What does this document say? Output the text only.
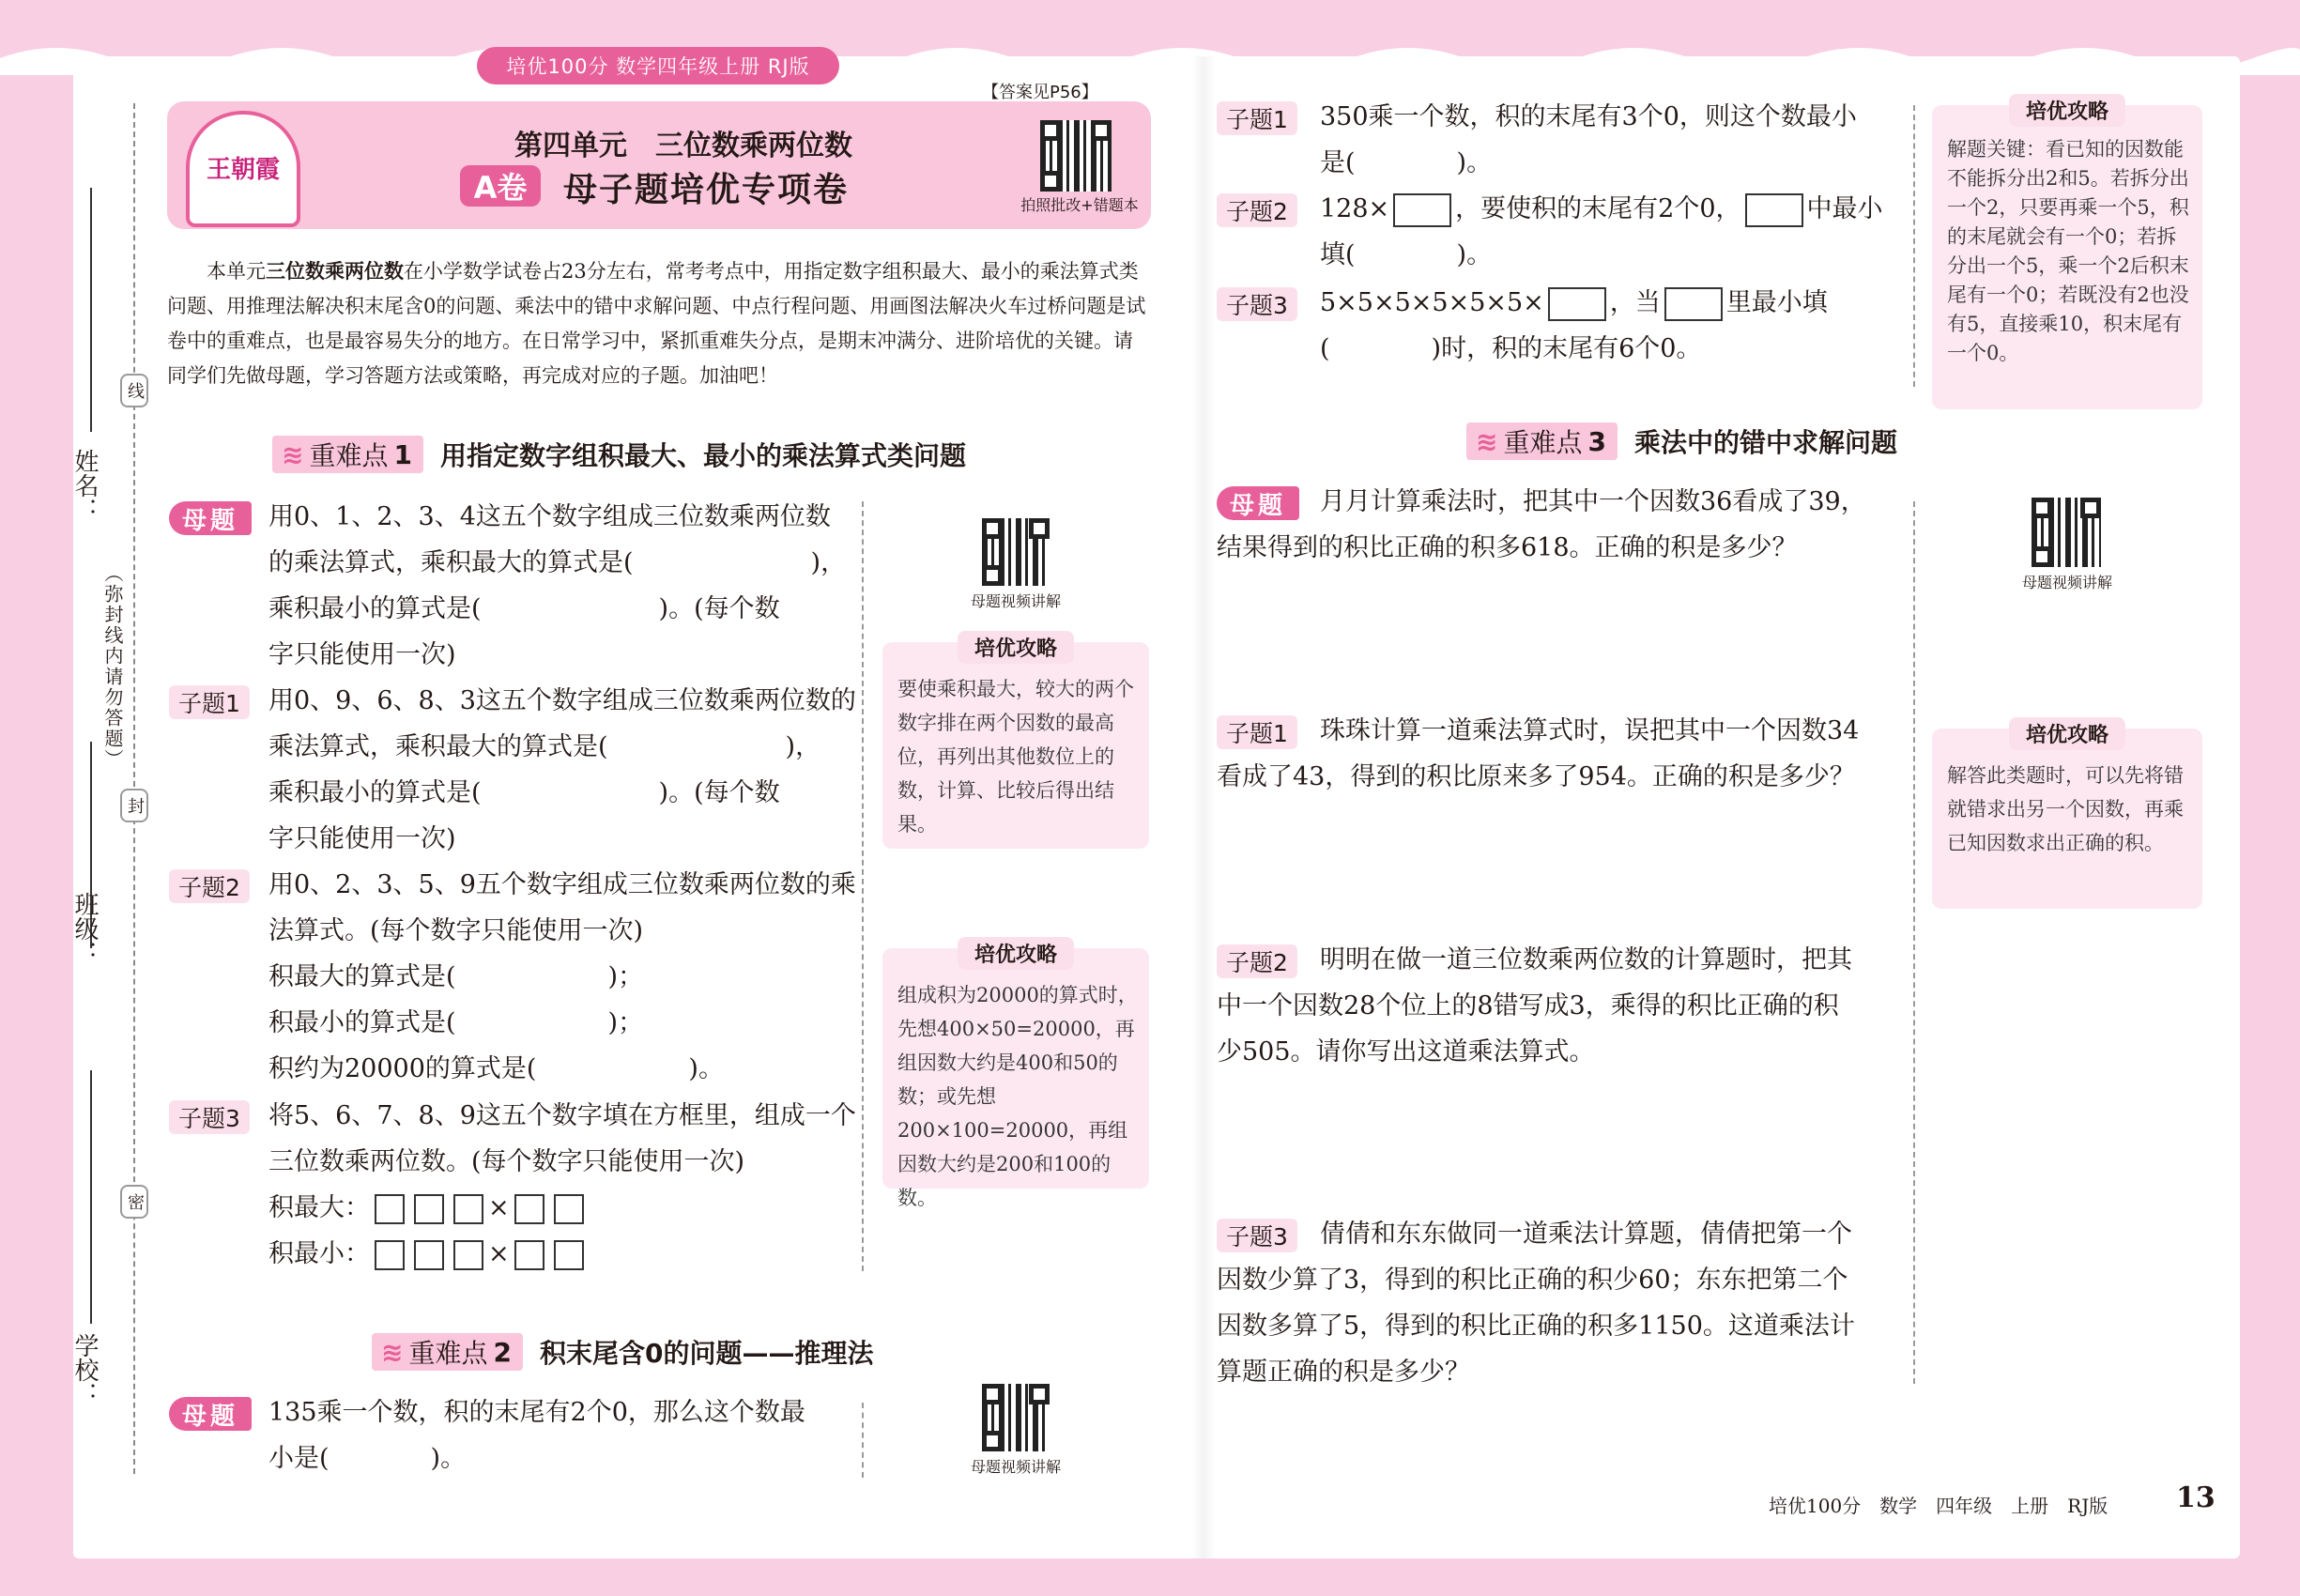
培优100分 数学四年级上册 RJ版
线
封
密
姓名：
班级：
学校：
（弥封线内请勿答题）
王朝霞
第四单元　三位数乘两位数
A卷	母子题培优专项卷
【答案见P56】
拍照批改+错题本
本单元三位数乘两位数在小学数学试卷占23分左右，常考考点中，用指定数字组积最大、最小的乘法算式类问题、用推理法解决积末尾含0的问题、乘法中的错中求解问题、中点行程问题、用画图法解决火车过桥问题是试卷中的重难点，也是最容易失分的地方。在日常学习中，紧抓重难失分点，是期末冲满分、进阶培优的关键。请同学们先做母题，学习答题方法或策略，再完成对应的子题。加油吧！
≋ 重难点 1 用指定数字组积最大、最小的乘法算式类问题
母题	用0、1、2、3、4这五个数字组成三位数乘两位数
的乘法算式，乘积最大的算式是(　　　　　　　)，
乘积最小的算式是(　　　　　　　)。(每个数
字只能使用一次)
子题1	用0、9、6、8、3这五个数字组成三位数乘两位数的
乘法算式，乘积最大的算式是(　　　　　　　)，
乘积最小的算式是(　　　　　　　)。(每个数
字只能使用一次)
子题2	用0、2、3、5、9五个数字组成三位数乘两位数的乘
法算式。(每个数字只能使用一次)
积最大的算式是(　　　　　　)；
积最小的算式是(　　　　　　)；
积约为20000的算式是(　　　　　　)。
子题3	将5、6、7、8、9这五个数字填在方框里，组成一个
三位数乘两位数。(每个数字只能使用一次)
积最大：	×
积最小：	×
母题视频讲解
培优攻略
要使乘积最大，较大的两个数字排在两个因数的最高位，再列出其他数位上的数，计算、比较后得出结果。
培优攻略
组成积为20000的算式时，先想400×50=20000，再组因数大约是400和50的数；或先想200×100=20000，再组因数大约是200和100的数。
≋ 重难点 2 积末尾含0的问题——推理法
母题	135乘一个数，积的末尾有2个0，那么这个数最
小是(　　　　)。	母题视频讲解
子题1	350乘一个数，积的末尾有3个0，则这个数最小
是(　　　　)。
子题2	128×	，要使积的末尾有2个0，	中最小
填(　　　　)。
子题3	5×5×5×5×5×5×	，当	里最小填
(　　　　)时，积的末尾有6个0。
培优攻略
解题关键：看已知的因数能不能拆分出2和5。若拆分出一个2，只要再乘一个5，积的末尾就会有一个0；若拆分出一个5，乘一个2后积末尾有一个0；若既没有2也没有5，直接乘10，积末尾有一个0。
≋ 重难点 3 乘法中的错中求解问题
母题	月月计算乘法时，把其中一个因数36看成了39，
结果得到的积比正确的积多618。正确的积是多少？
母题视频讲解
子题1	珠珠计算一道乘法算式时，误把其中一个因数34
看成了43，得到的积比原来多了954。正确的积是多少？
培优攻略
解答此类题时，可以先将错就错求出另一个因数，再乘已知因数求出正确的积。
子题2	明明在做一道三位数乘两位数的计算题时，把其
中一个因数28个位上的8错写成3，乘得的积比正确的积
少505。请你写出这道乘法算式。
子题3	倩倩和东东做同一道乘法计算题，倩倩把第一个
因数少算了3，得到的积比正确的积少60；东东把第二个
因数多算了5，得到的积比正确的积多1150。这道乘法计
算题正确的积是多少？
培优100分　数学　四年级　上册　RJ版 13
